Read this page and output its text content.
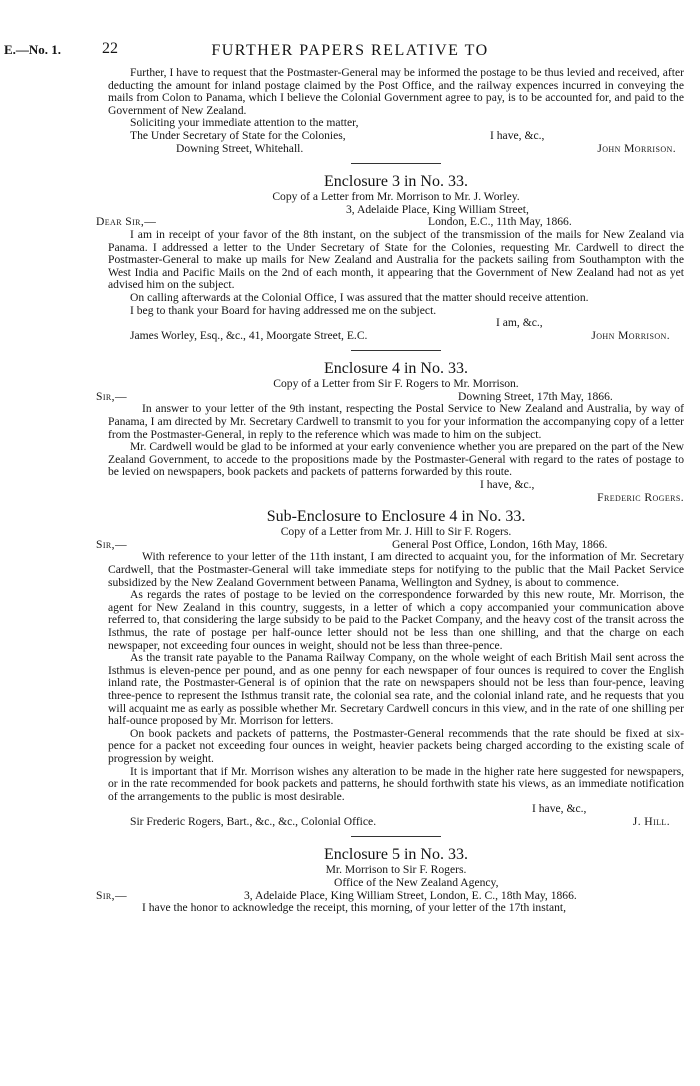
E.—No. 1.	22	FURTHER PAPERS RELATIVE TO

Further, I have to request that the Postmaster-General may be informed the postage to be thus levied and received, after deducting the amount for inland postage claimed by the Post Office, and the railway expences incurred in conveying the mails from Colon to Panama, which I believe the Colonial Government agree to pay, is to be accounted for, and paid to the Government of New Zealand.

Soliciting your immediate attention to the matter,

The Under Secretary of State for the Colonies,	I have, &c.,
Downing Street, Whitehall.	John Morrison.

Enclosure 3 in No. 33.

Copy of a Letter from Mr. Morrison to Mr. J. Worley.

3, Adelaide Place, King William Street,
Dear Sir,—	London, E.C., 11th May, 1866.

I am in receipt of your favor of the 8th instant, on the subject of the transmission of the mails for New Zealand via Panama. I addressed a letter to the Under Secretary of State for the Colonies, requesting Mr. Cardwell to direct the Postmaster-General to make up mails for New Zealand and Australia for the packets sailing from Southampton with the West India and Pacific Mails on the 2nd of each month, it appearing that the Government of New Zealand had not as yet advised him on the subject.

On calling afterwards at the Colonial Office, I was assured that the matter should receive attention.

I beg to thank your Board for having addressed me on the subject.

I am, &c.,
James Worley, Esq., &c., 41, Moorgate Street, E.C.	John Morrison.

Enclosure 4 in No. 33.

Copy of a Letter from Sir F. Rogers to Mr. Morrison.

Sir,—	Downing Street, 17th May, 1866.

In answer to your letter of the 9th instant, respecting the Postal Service to New Zealand and Australia, by way of Panama, I am directed by Mr. Secretary Cardwell to transmit to you for your information the accompanying copy of a letter from the Postmaster-General, in reply to the reference which was made to him on the subject.

Mr. Cardwell would be glad to be informed at your early convenience whether you are prepared on the part of the New Zealand Government, to accede to the propositions made by the Postmaster-General with regard to the rates of postage to be levied on newspapers, book packets and packets of patterns forwarded by this route.

I have, &c.,
Frederic Rogers.

Sub-Enclosure to Enclosure 4 in No. 33.

Copy of a Letter from Mr. J. Hill to Sir F. Rogers.

Sir,—	General Post Office, London, 16th May, 1866.

With reference to your letter of the 11th instant, I am directed to acquaint you, for the information of Mr. Secretary Cardwell, that the Postmaster-General will take immediate steps for notifying to the public that the Mail Packet Service subsidized by the New Zealand Government between Panama, Wellington and Sydney, is about to commence.

As regards the rates of postage to be levied on the correspondence forwarded by this new route, Mr. Morrison, the agent for New Zealand in this country, suggests, in a letter of which a copy accompanied your communication above referred to, that considering the large subsidy to be paid to the Packet Company, and the heavy cost of the transit across the Isthmus, the rate of postage per half-ounce letter should not be less than one shilling, and that the charge on each newspaper, not exceeding four ounces in weight, should not be less than three-pence.

As the transit rate payable to the Panama Railway Company, on the whole weight of each British Mail sent across the Isthmus is eleven-pence per pound, and as one penny for each newspaper of four ounces is required to cover the English inland rate, the Postmaster-General is of opinion that the rate on newspapers should not be less than four-pence, leaving three-pence to represent the Isthmus transit rate, the colonial sea rate, and the colonial inland rate, and he requests that you will acquaint me as early as possible whether Mr. Secretary Cardwell concurs in this view, and in the rate of one shilling per half-ounce proposed by Mr. Morrison for letters.

On book packets and packets of patterns, the Postmaster-General recommends that the rate should be fixed at six-pence for a packet not exceeding four ounces in weight, heavier packets being charged according to the existing scale of progression by weight.

It is important that if Mr. Morrison wishes any alteration to be made in the higher rate here suggested for newspapers, or in the rate recommended for book packets and patterns, he should forthwith state his views, as an immediate notification of the arrangements to the public is most desirable.

I have, &c.,
Sir Frederic Rogers, Bart., &c., &c., Colonial Office.	J. Hill.

Enclosure 5 in No. 33.

Mr. Morrison to Sir F. Rogers.

Office of the New Zealand Agency,
Sir,—	3, Adelaide Place, King William Street, London, E. C., 18th May, 1866.

I have the honor to acknowledge the receipt, this morning, of your letter of the 17th instant,
